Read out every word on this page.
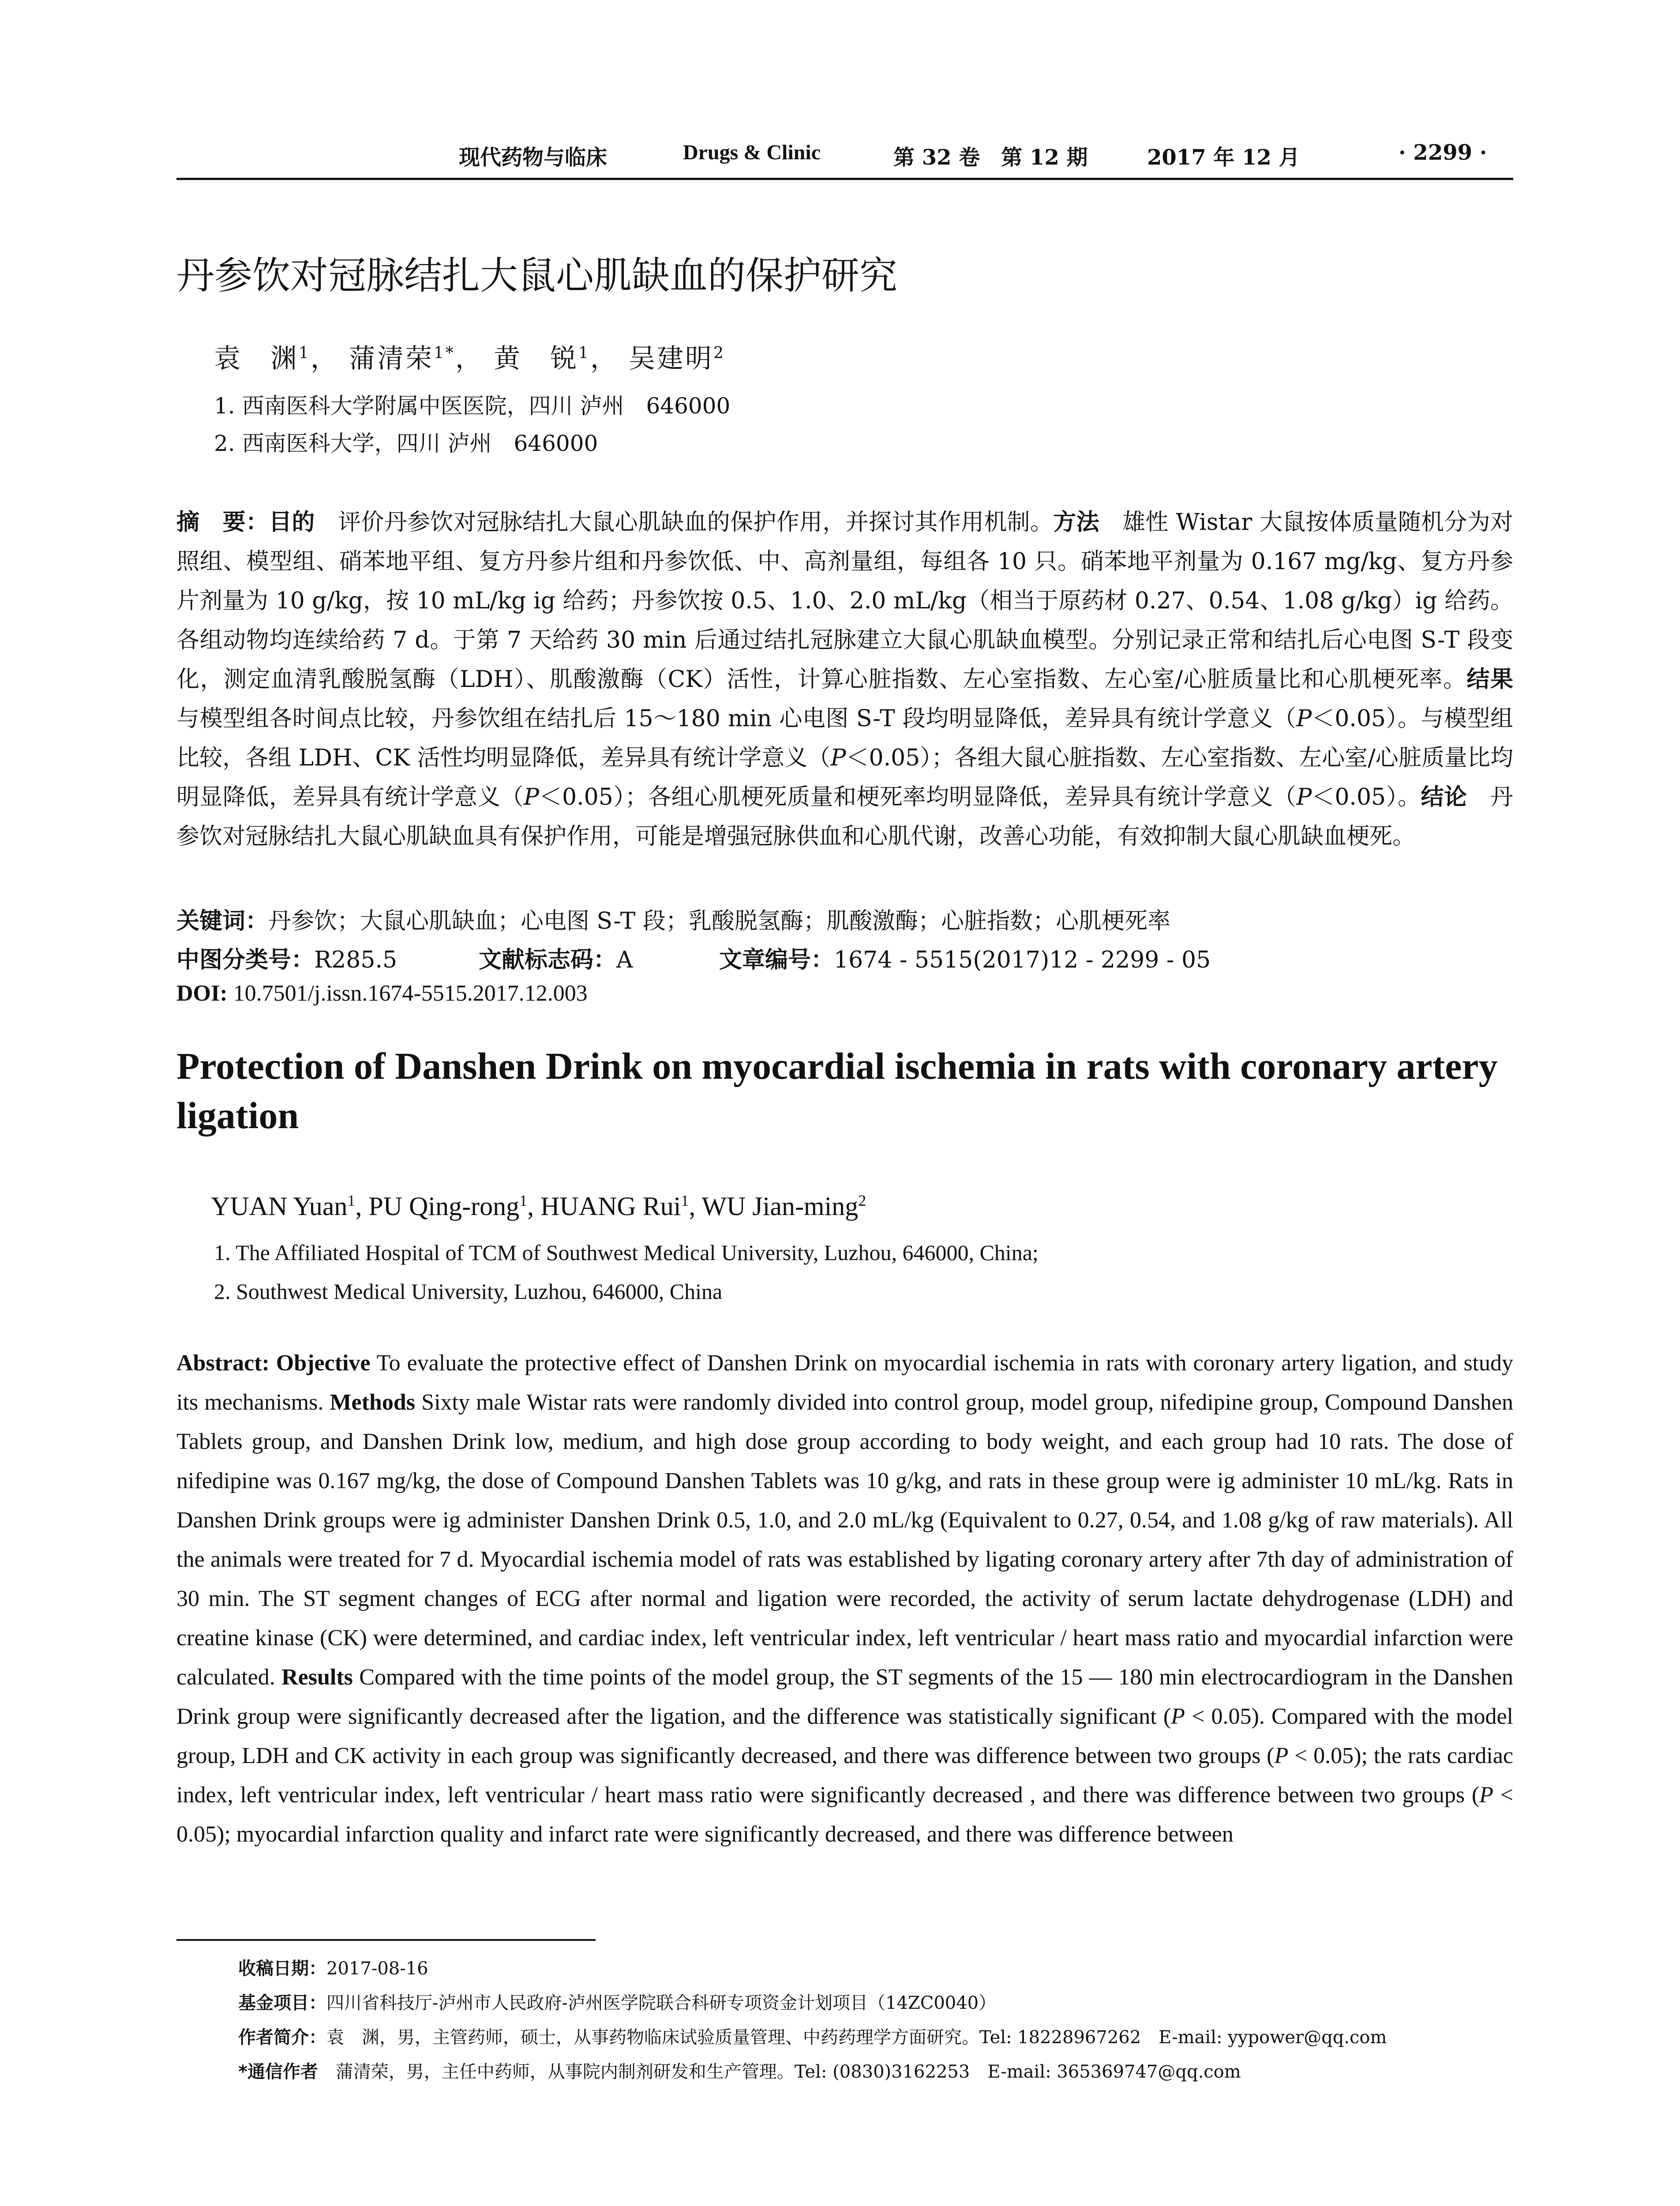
现代药物与临床	Drugs & Clinic	第 32 卷　第 12 期	2017 年 12 月	· 2299 ·
丹参饮对冠脉结扎大鼠心肌缺血的保护研究
袁　渊$^1$， 蒲清荣$^{1*}$， 黄　锐$^1$， 吴建明$^2$
1. 西南医科大学附属中医医院，四川 泸州　646000
2. 西南医科大学，四川 泸州　646000
摘　要：目的　 评价丹参饮对冠脉结扎大鼠心肌缺血的保护作用，并探讨其作用机制。方法　 雄性 Wistar 大鼠按体质量随机分为对照组、模型组、硝苯地平组、复方丹参片组和丹参饮低、中、高剂量组，每组各 10 只。硝苯地平剂量为 0.167 mg/kg、复方丹参片剂量为 10 g/kg，按 10 mL/kg ig 给药；丹参饮按 0.5、1.0、2.0 mL/kg（相当于原药材 0.27、0.54、1.08 g/kg）ig 给药。各组动物均连续给药 7 d。于第 7 天给药 30 min 后通过结扎冠脉建立大鼠心肌缺血模型。分别记录正常和结扎后心电图 S-T 段变化，测定血清乳酸脱氢酶（LDH）、肌酸激酶（CK）活性，计算心脏指数、左心室指数、左心室/心脏质量比和心肌梗死率。结果　与模型组各时间点比较，丹参饮组在结扎后 15～180 min 心电图 S-T 段均明显降低，差异具有统计学意义（P＜0.05）。与模型组比较，各组 LDH、CK 活性均明显降低，差异具有统计学意义（P＜0.05）；各组大鼠心脏指数、左心室指数、左心室/心脏质量比均明显降低，差异具有统计学意义（P＜0.05）；各组心肌梗死质量和梗死率均明显降低，差异具有统计学意义（P＜0.05）。结论　 丹参饮对冠脉结扎大鼠心肌缺血具有保护作用，可能是增强冠脉供血和心肌代谢，改善心功能，有效抑制大鼠心肌缺血梗死。
关键词：丹参饮；大鼠心肌缺血；心电图 S-T 段；乳酸脱氢酶；肌酸激酶；心脏指数；心肌梗死率
中图分类号：R285.5	文献标志码：A	文章编号：1674 - 5515(2017)12 - 2299 - 05
DOI: 10.7501/j.issn.1674-5515.2017.12.003
Protection of Danshen Drink on myocardial ischemia in rats with coronary artery ligation
YUAN Yuan$^1$, PU Qing-rong$^1$, HUANG Rui$^1$, WU Jian-ming$^2$
1. The Affiliated Hospital of TCM of Southwest Medical University, Luzhou, 646000, China;
2. Southwest Medical University, Luzhou, 646000, China
Abstract: Objective To evaluate the protective effect of Danshen Drink on myocardial ischemia in rats with coronary artery ligation, and study its mechanisms. Methods Sixty male Wistar rats were randomly divided into control group, model group, nifedipine group, Compound Danshen Tablets group, and Danshen Drink low, medium, and high dose group according to body weight, and each group had 10 rats. The dose of nifedipine was 0.167 mg/kg, the dose of Compound Danshen Tablets was 10 g/kg, and rats in these group were ig administer 10 mL/kg. Rats in Danshen Drink groups were ig administer Danshen Drink 0.5, 1.0, and 2.0 mL/kg (Equivalent to 0.27, 0.54, and 1.08 g/kg of raw materials). All the animals were treated for 7 d. Myocardial ischemia model of rats was established by ligating coronary artery after 7th day of administration of 30 min. The ST segment changes of ECG after normal and ligation were recorded, the activity of serum lactate dehydrogenase (LDH) and creatine kinase (CK) were determined, and cardiac index, left ventricular index, left ventricular / heart mass ratio and myocardial infarction were calculated. Results Compared with the time points of the model group, the ST segments of the 15 — 180 min electrocardiogram in the Danshen Drink group were significantly decreased after the ligation, and the difference was statistically significant (P < 0.05). Compared with the model group, LDH and CK activity in each group was significantly decreased, and there was difference between two groups (P < 0.05); the rats cardiac index, left ventricular index, left ventricular / heart mass ratio were significantly decreased , and there was difference between two groups (P < 0.05); myocardial infarction quality and infarct rate were significantly decreased, and there was difference between
收稿日期：2017-08-16
基金项目：四川省科技厅-泸州市人民政府-泸州医学院联合科研专项资金计划项目（14ZC0040）
作者简介：袁　渊，男，主管药师，硕士，从事药物临床试验质量管理、中药药理学方面研究。Tel: 18228967262　E-mail: yypower@qq.com
*通信作者　蒲清荣，男，主任中药师，从事院内制剂研发和生产管理。Tel: (0830)3162253　E-mail: 365369747@qq.com
